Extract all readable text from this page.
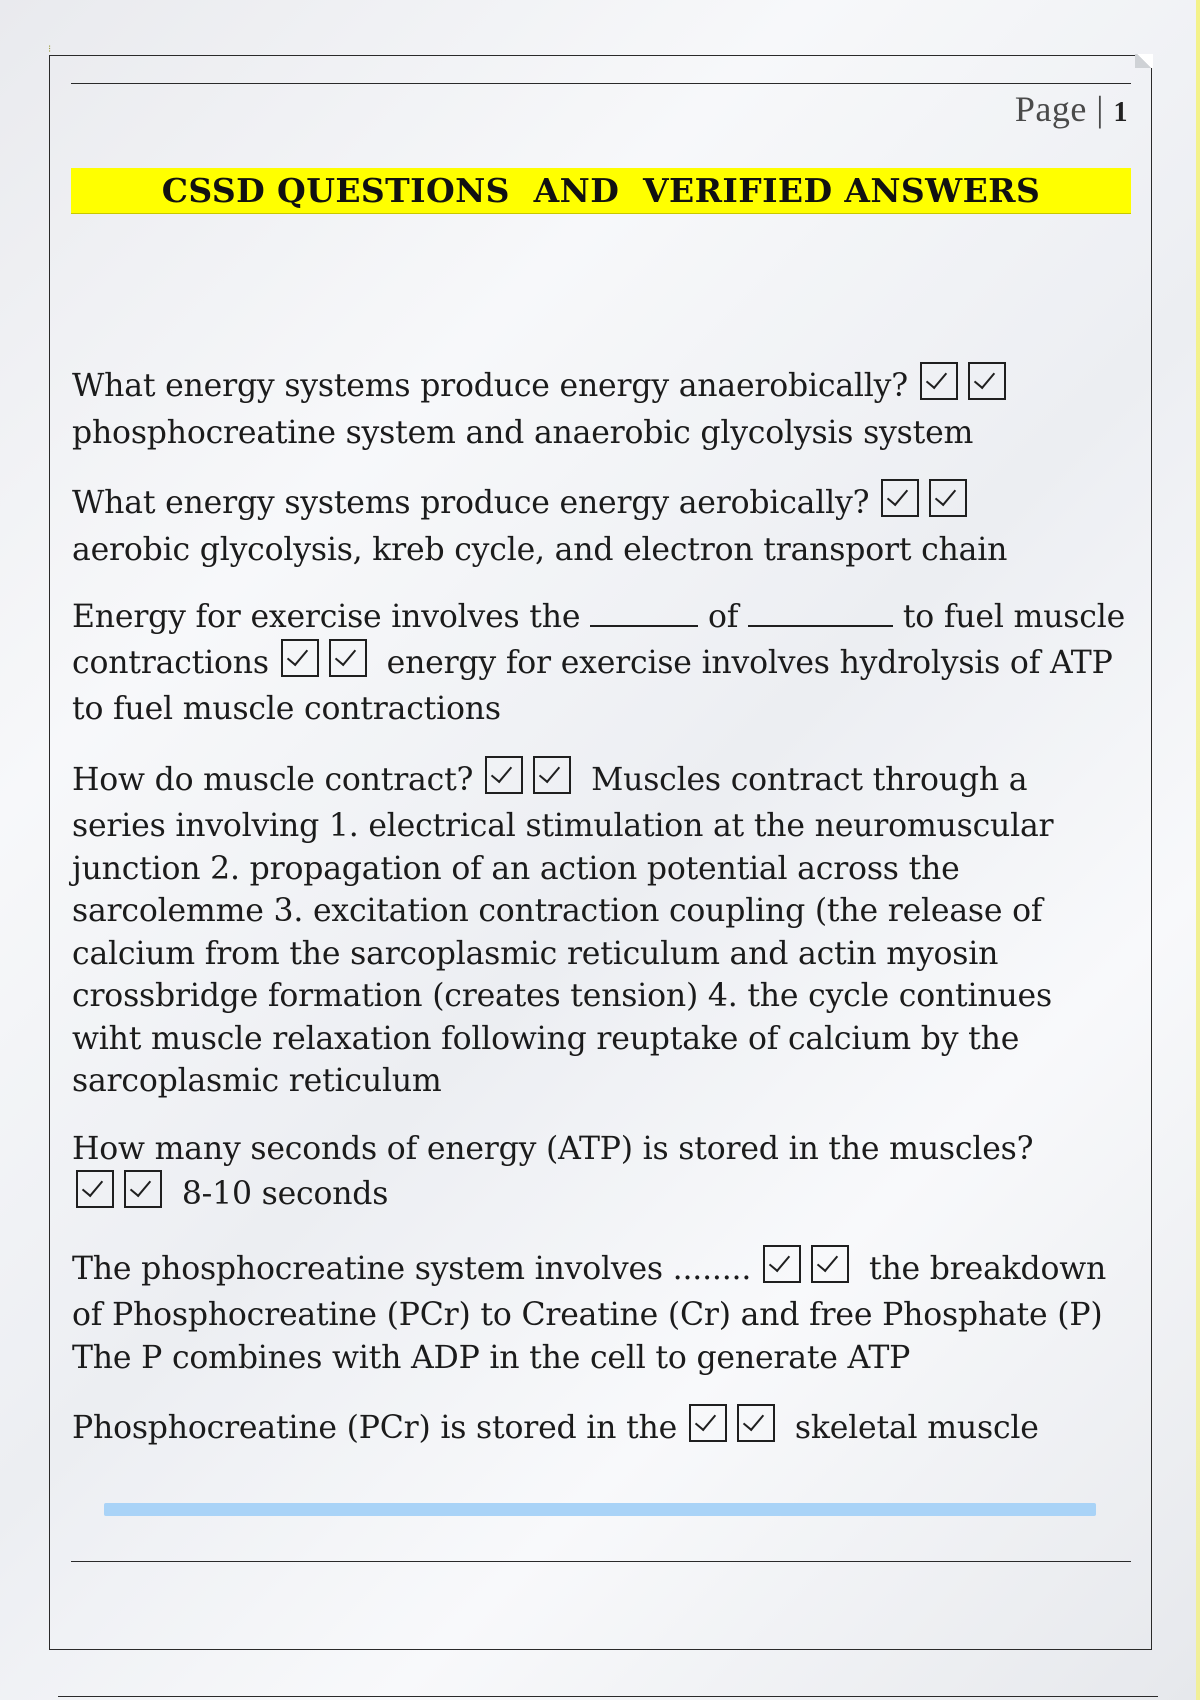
⁝
Page | 1
CSSD QUESTIONS  AND  VERIFIED ANSWERS

What energy systems produce energy anaerobically?
phosphocreatine system and anaerobic glycolysis system

What energy systems produce energy aerobically?
aerobic glycolysis, kreb cycle, and electron transport chain

Energy for exercise involves the	of	to fuel muscle contractions	energy for exercise involves hydrolysis of ATP to fuel muscle contractions

How do muscle contract?	Muscles contract through a series involving 1. electrical stimulation at the neuromuscular junction 2. propagation of an action potential across the sarcolemme 3. excitation contraction coupling (the release of calcium from the sarcoplasmic reticulum and actin myosin crossbridge formation (creates tension) 4. the cycle continues wiht muscle relaxation following reuptake of calcium by the sarcoplasmic reticulum

How many seconds of energy (ATP) is stored in the muscles?
8-10 seconds

The phosphocreatine system involves ........	the breakdown of Phosphocreatine (PCr) to Creatine (Cr) and free Phosphate (P) The P combines with ADP in the cell to generate ATP

Phosphocreatine (PCr) is stored in the	skeletal muscle
